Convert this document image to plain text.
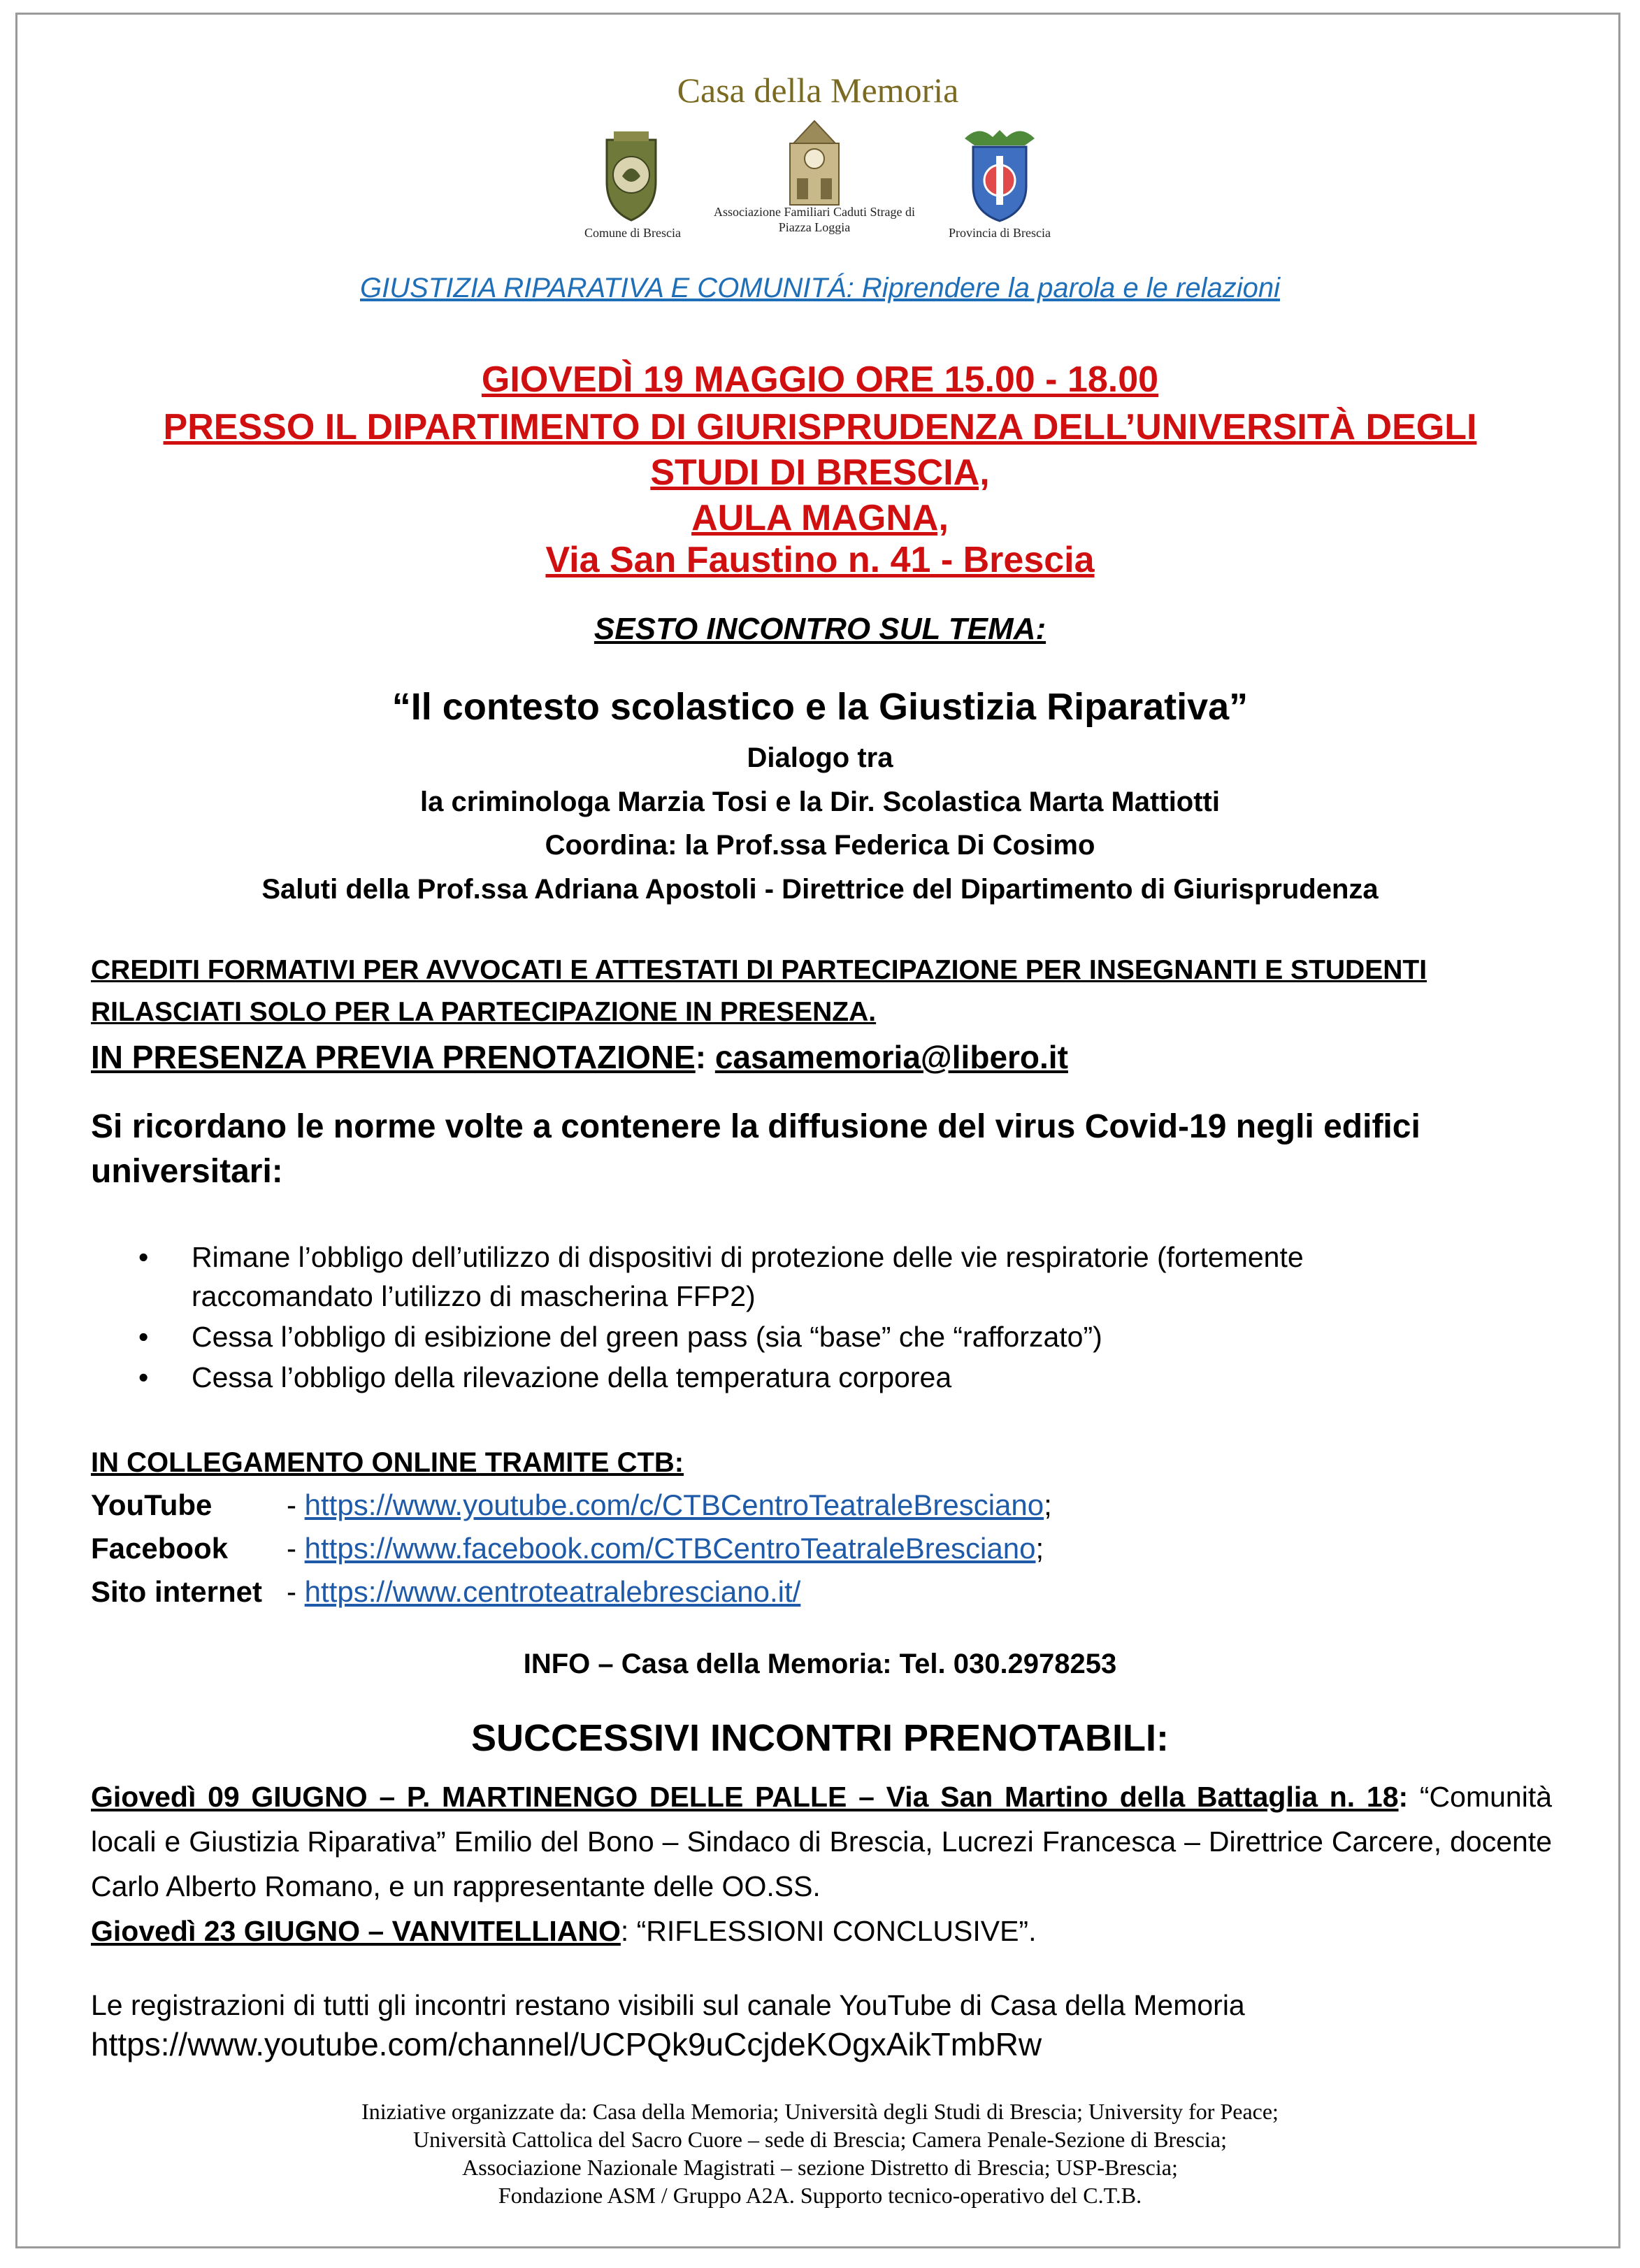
Casa della Memoria
Comune di Brescia
Associazione Familiari Caduti Strage di Piazza Loggia	Provincia di Brescia
GIUSTIZIA RIPARATIVA E COMUNITÁ: Riprendere la parola e le relazioni
GIOVEDÌ 19 MAGGIO ORE 15.00 - 18.00
PRESSO IL DIPARTIMENTO DI GIURISPRUDENZA DELL’UNIVERSITÀ DEGLI
STUDI DI BRESCIA,
AULA MAGNA,
Via San Faustino n. 41 - Brescia
SESTO INCONTRO SUL TEMA:
“Il contesto scolastico e la Giustizia Riparativa”
Dialogo tra
la criminologa Marzia Tosi e la Dir. Scolastica Marta Mattiotti
Coordina: la Prof.ssa Federica Di Cosimo
Saluti della Prof.ssa Adriana Apostoli - Direttrice del Dipartimento di Giurisprudenza
CREDITI FORMATIVI PER AVVOCATI E ATTESTATI DI PARTECIPAZIONE PER INSEGNANTI E STUDENTI
RILASCIATI SOLO PER LA PARTECIPAZIONE IN PRESENZA.
IN PRESENZA PREVIA PRENOTAZIONE: casamemoria@libero.it
Si ricordano le norme volte a contenere la diffusione del virus Covid-19 negli edifici universitari:
• Rimane l’obbligo dell’utilizzo di dispositivi di protezione delle vie respiratorie (fortemente raccomandato l’utilizzo di mascherina FFP2)
• Cessa l’obbligo di esibizione del green pass (sia “base” che “rafforzato”)
• Cessa l’obbligo della rilevazione della temperatura corporea
IN COLLEGAMENTO ONLINE TRAMITE CTB:
YouTube	- https://www.youtube.com/c/CTBCentroTeatraleBresciano;
Facebook - https://www.facebook.com/CTBCentroTeatraleBresciano;
Sito internet - https://www.centroteatralebresciano.it/
INFO – Casa della Memoria: Tel. 030.2978253
SUCCESSIVI INCONTRI PRENOTABILI:
Giovedì 09 GIUGNO – P. MARTINENGO DELLE PALLE – Via San Martino della Battaglia n. 18: “Comunità locali e Giustizia Riparativa” Emilio del Bono – Sindaco di Brescia, Lucrezi Francesca – Direttrice Carcere, docente Carlo Alberto Romano, e un rappresentante delle OO.SS.
Giovedì 23 GIUGNO – VANVITELLIANO: “RIFLESSIONI CONCLUSIVE”.
Le registrazioni di tutti gli incontri restano visibili sul canale YouTube di Casa della Memoria
https://www.youtube.com/channel/UCPQk9uCcjdeKOgxAikTmbRw
Iniziative organizzate da: Casa della Memoria; Università degli Studi di Brescia; University for Peace;
Università Cattolica del Sacro Cuore – sede di Brescia; Camera Penale-Sezione di Brescia;
Associazione Nazionale Magistrati – sezione Distretto di Brescia; USP-Brescia;
Fondazione ASM / Gruppo A2A. Supporto tecnico-operativo del C.T.B.
